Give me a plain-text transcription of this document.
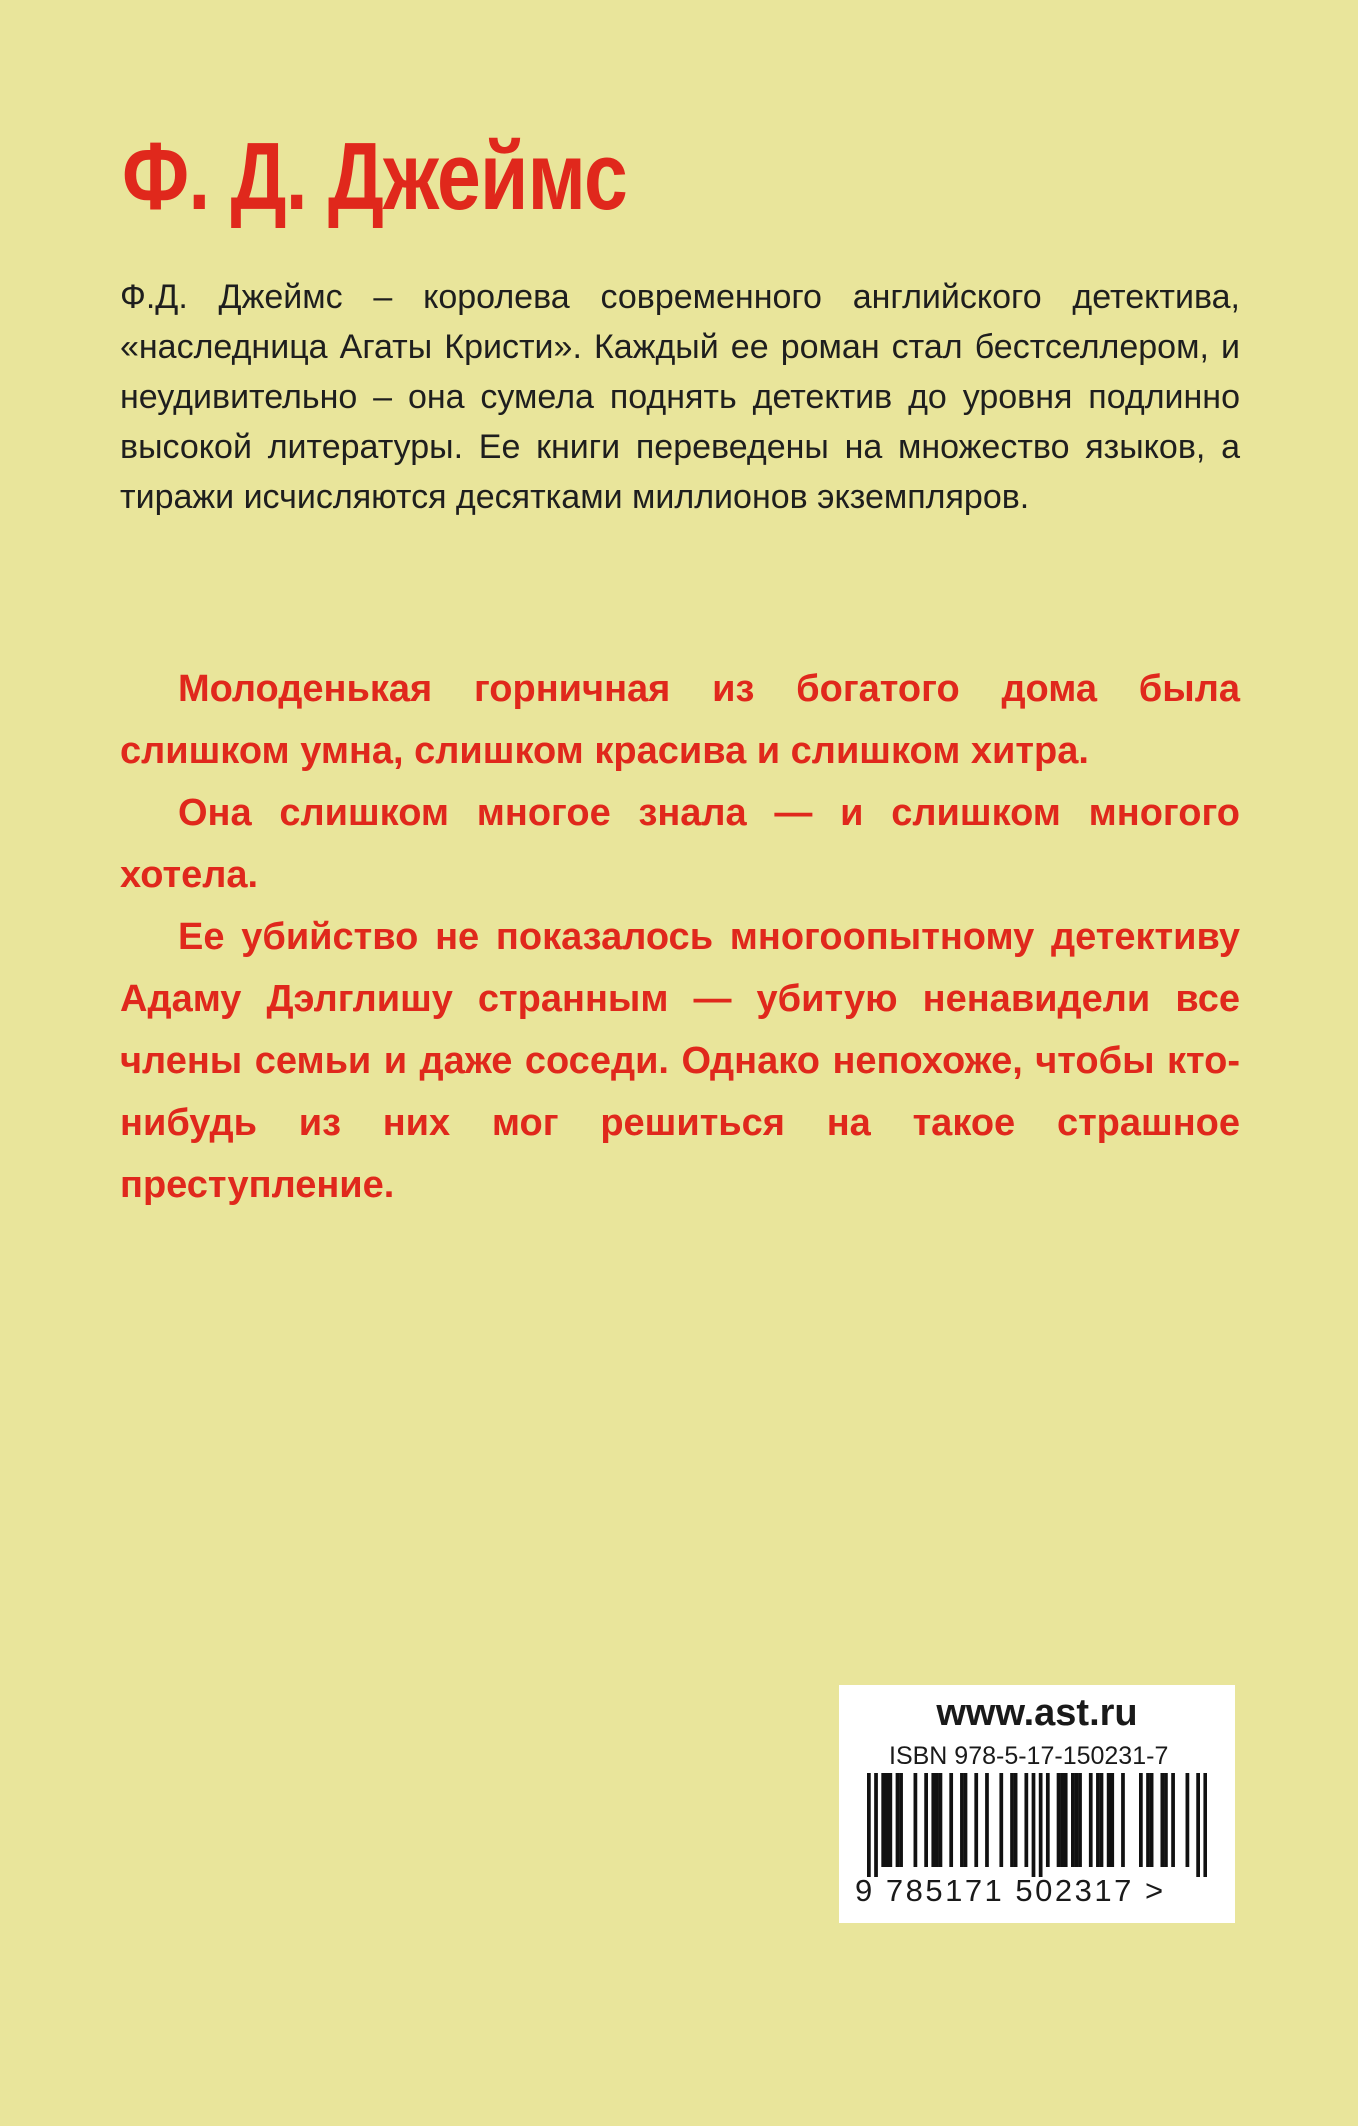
Ф. Д. Джеймс

Ф.Д. Джеймс – королева современного английского детектива, «наследница Агаты Кристи». Каждый ее роман стал бестселлером, и неудивительно – она сумела поднять детектив до уровня подлинно высокой литературы. Ее книги переведены на множество языков, а тиражи исчисляются десятками миллионов экземпляров.

Молоденькая горничная из богатого дома была слишком умна, слишком красива и слишком хитра.

Она слишком многое знала — и слишком многого хотела.

Ее убийство не показалось многоопытному детективу Адаму Дэлглишу странным — убитую ненавидели все члены семьи и даже соседи. Однако непохоже, чтобы кто-нибудь из них мог решиться на такое страшное преступление.

www.ast.ru
ISBN 978-5-17-150231-7
9 785171 502317 >
